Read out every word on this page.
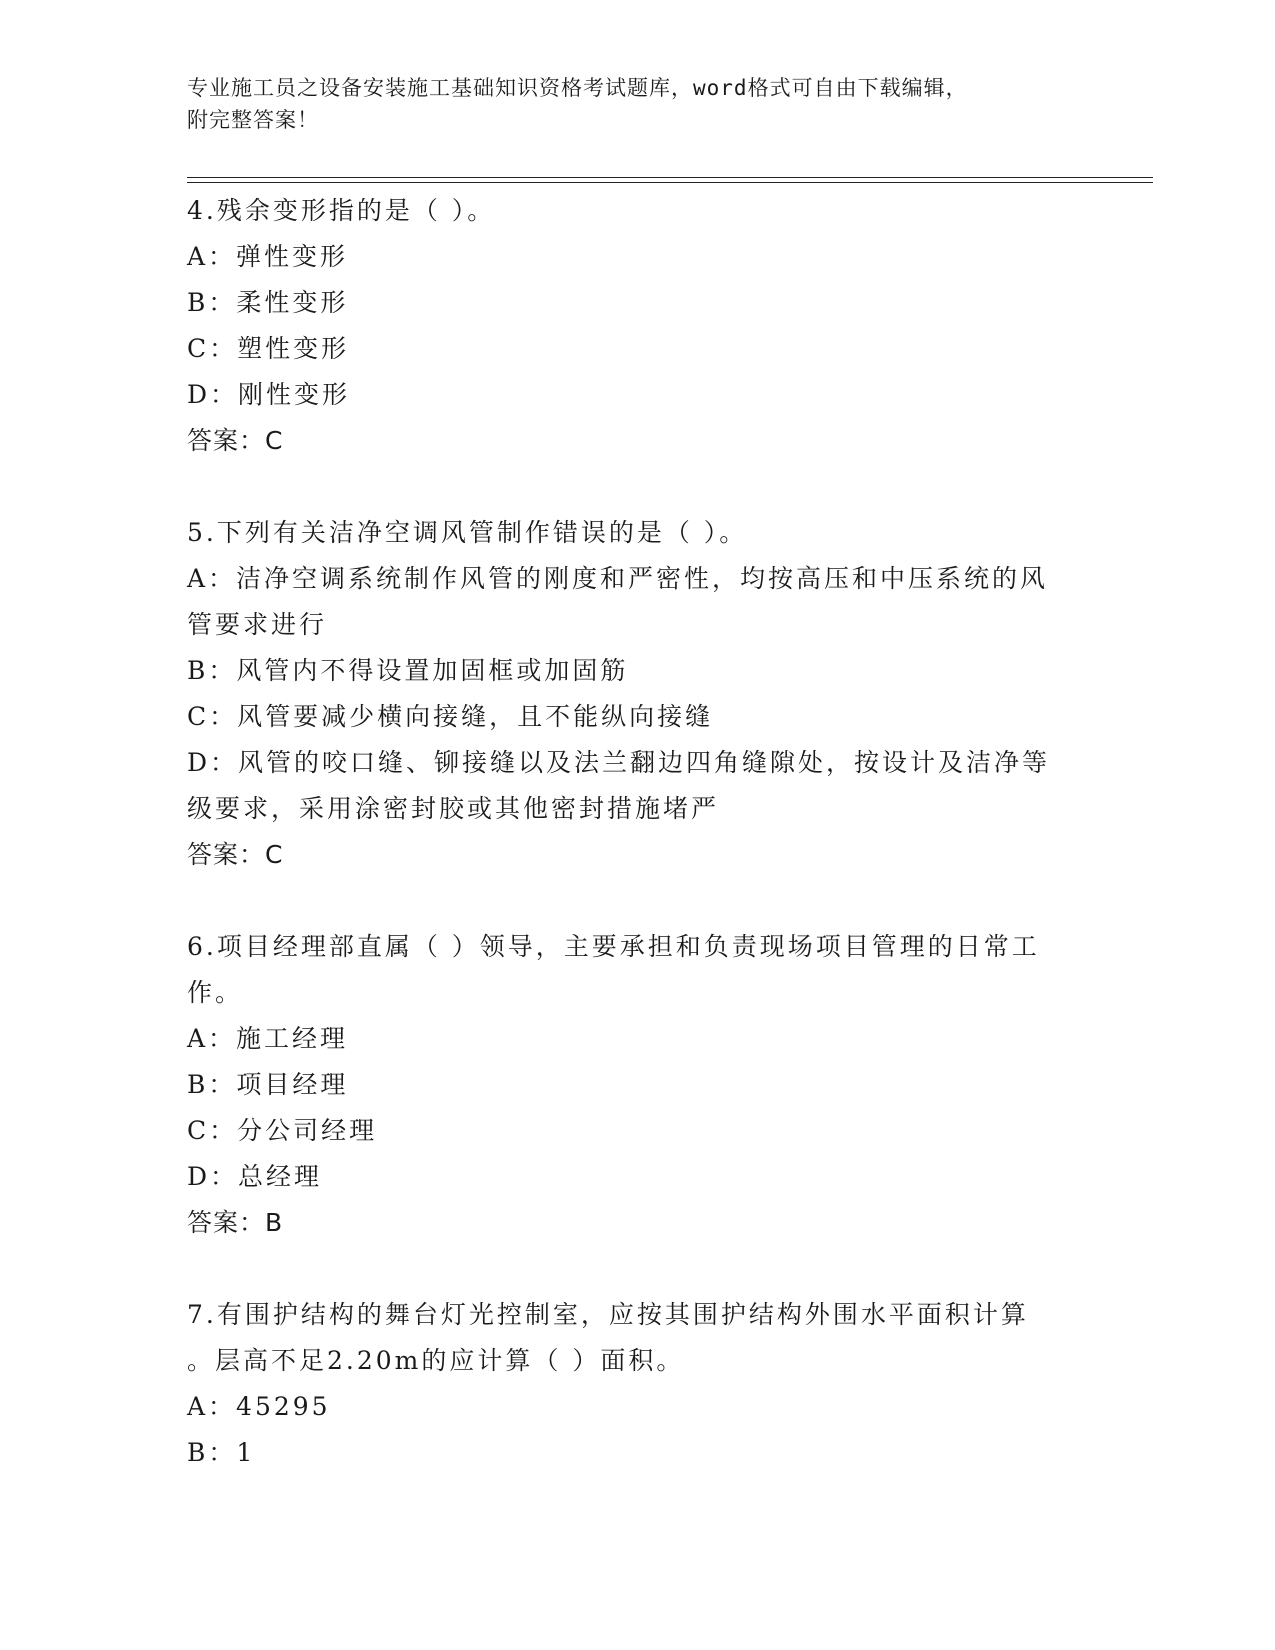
专业施工员之设备安装施工基础知识资格考试题库，word格式可自由下载编辑，
附完整答案！
4.残余变形指的是（ ）。
A：弹性变形
B：柔性变形
C：塑性变形
D：刚性变形
答案：C
5.下列有关洁净空调风管制作错误的是（ ）。
A：洁净空调系统制作风管的刚度和严密性，均按高压和中压系统的风
管要求进行
B：风管内不得设置加固框或加固筋
C：风管要减少横向接缝，且不能纵向接缝
D：风管的咬口缝、铆接缝以及法兰翻边四角缝隙处，按设计及洁净等
级要求，采用涂密封胶或其他密封措施堵严
答案：C
6.项目经理部直属（ ）领导，主要承担和负责现场项目管理的日常工
作。
A：施工经理
B：项目经理
C：分公司经理
D：总经理
答案：B
7.有围护结构的舞台灯光控制室，应按其围护结构外围水平面积计算
。层高不足2.20m的应计算（ ）面积。
A：45295
B：1
